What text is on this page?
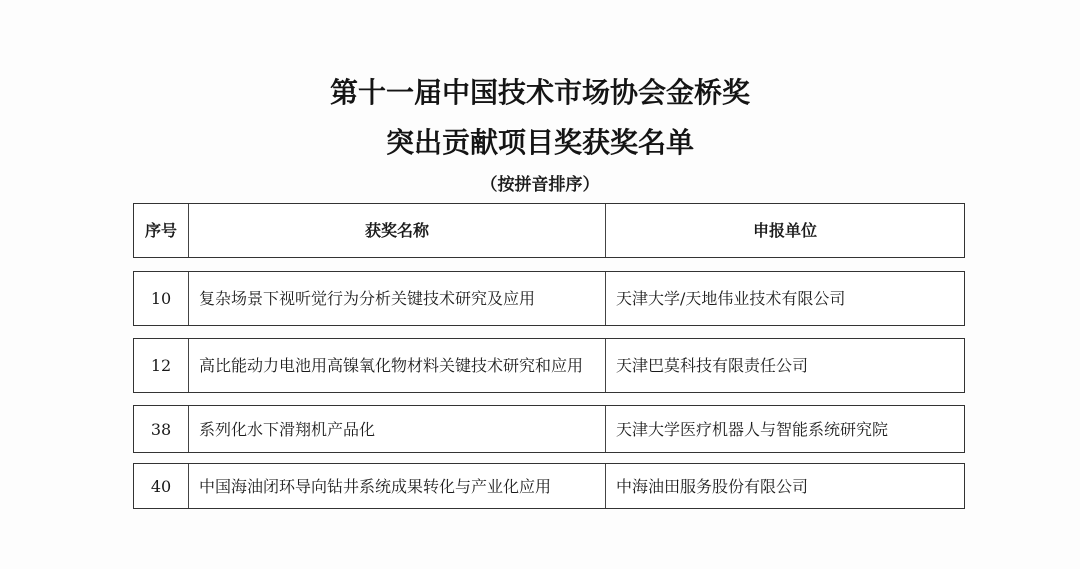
第十一届中国技术市场协会金桥奖
突出贡献项目奖获奖名单
（按拼音排序）
序号	获奖名称	申报单位
10	复杂场景下视听觉行为分析关键技术研究及应用	天津大学/天地伟业技术有限公司
12	高比能动力电池用高镍氧化物材料关键技术研究和应用	天津巴莫科技有限责任公司
38	系列化水下滑翔机产品化	天津大学医疗机器人与智能系统研究院
40	中国海油闭环导向钻井系统成果转化与产业化应用	中海油田服务股份有限公司
